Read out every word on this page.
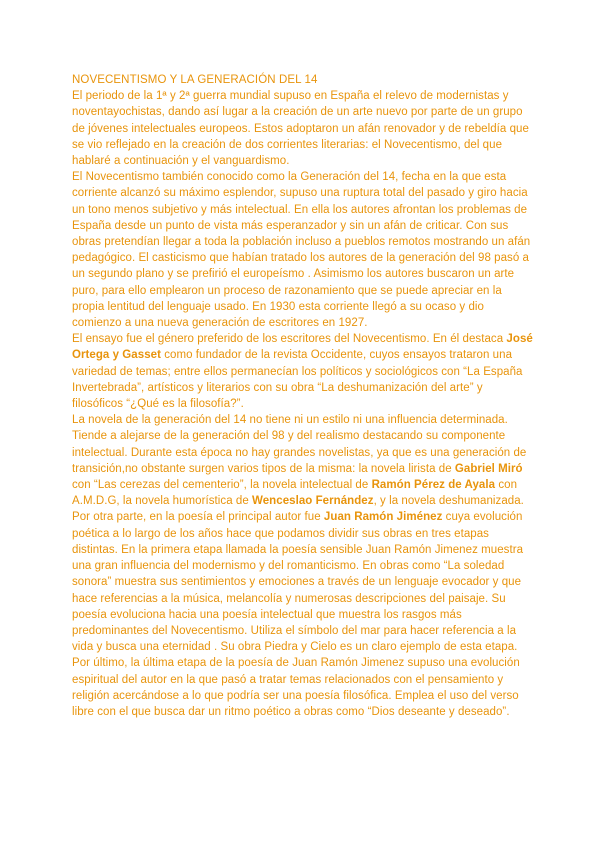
NOVECENTISMO Y LA GENERACIÓN DEL 14

El periodo de la 1ª y 2ª guerra mundial supuso en España el relevo de modernistas y noventayochistas, dando así lugar a la creación de un arte nuevo por parte de un grupo de jóvenes intelectuales europeos. Estos adoptaron un afán renovador y de rebeldía que se vio reflejado en la creación de dos corrientes literarias: el Novecentismo, del que hablaré a continuación y el vanguardismo.

El Novecentismo también conocido como la Generación del 14, fecha en la que esta corriente alcanzó su máximo esplendor, supuso una ruptura total del pasado y giro hacia un tono menos subjetivo y más intelectual. En ella los autores afrontan los problemas de España desde un punto de vista más esperanzador y sin un afán de criticar. Con sus obras pretendían llegar a toda la población incluso a pueblos remotos mostrando un afán pedagógico. El casticismo que habían tratado los autores de la generación del 98 pasó a un segundo plano y se prefirió el europeísmo . Asimismo los autores buscaron un arte puro, para ello emplearon un proceso de razonamiento que se puede apreciar en la propia lentitud del lenguaje usado. En 1930 esta corriente llegó a su ocaso y dio comienzo a una nueva generación de escritores en 1927.

El ensayo fue el género preferido de los escritores del Novecentismo. En él destaca José Ortega y Gasset como fundador de la revista Occidente, cuyos ensayos trataron una variedad de temas; entre ellos permanecían los políticos y sociológicos con “La España Invertebrada”, artísticos y literarios con su obra “La deshumanización del arte” y filosóficos “¿Qué es la filosofía?”.

La novela de la generación del 14 no tiene ni un estilo ni una influencia determinada. Tiende a alejarse de la generación del 98 y del realismo destacando su componente intelectual. Durante esta época no hay grandes novelistas, ya que es una generación de transición,no obstante surgen varios tipos de la misma: la novela lirista de Gabriel Miró con “Las cerezas del cementerio”, la novela intelectual de Ramón Pérez de Ayala con A.M.D.G, la novela humorística de Wenceslao Fernández, y la novela deshumanizada.

Por otra parte, en la poesía el principal autor fue Juan Ramón Jiménez cuya evolución poética a lo largo de los años hace que podamos dividir sus obras en tres etapas distintas. En la primera etapa llamada la poesía sensible Juan Ramón Jimenez muestra una gran influencia del modernismo y del romanticismo. En obras como “La soledad sonora” muestra sus sentimientos y emociones a través de un lenguaje evocador y que hace referencias a la música, melancolía y numerosas descripciones del paisaje. Su poesía evoluciona hacia una poesía intelectual que muestra los rasgos más predominantes del Novecentismo. Utiliza el símbolo del mar para hacer referencia a la vida y busca una eternidad . Su obra Piedra y Cielo es un claro ejemplo de esta etapa. Por último, la última etapa de la poesía de Juan Ramón Jimenez supuso una evolución espiritual del autor en la que pasó a tratar temas relacionados con el pensamiento y religión acercándose a lo que podría ser una poesía filosófica. Emplea el uso del verso libre con el que busca dar un ritmo poético a obras como “Dios deseante y deseado”.
